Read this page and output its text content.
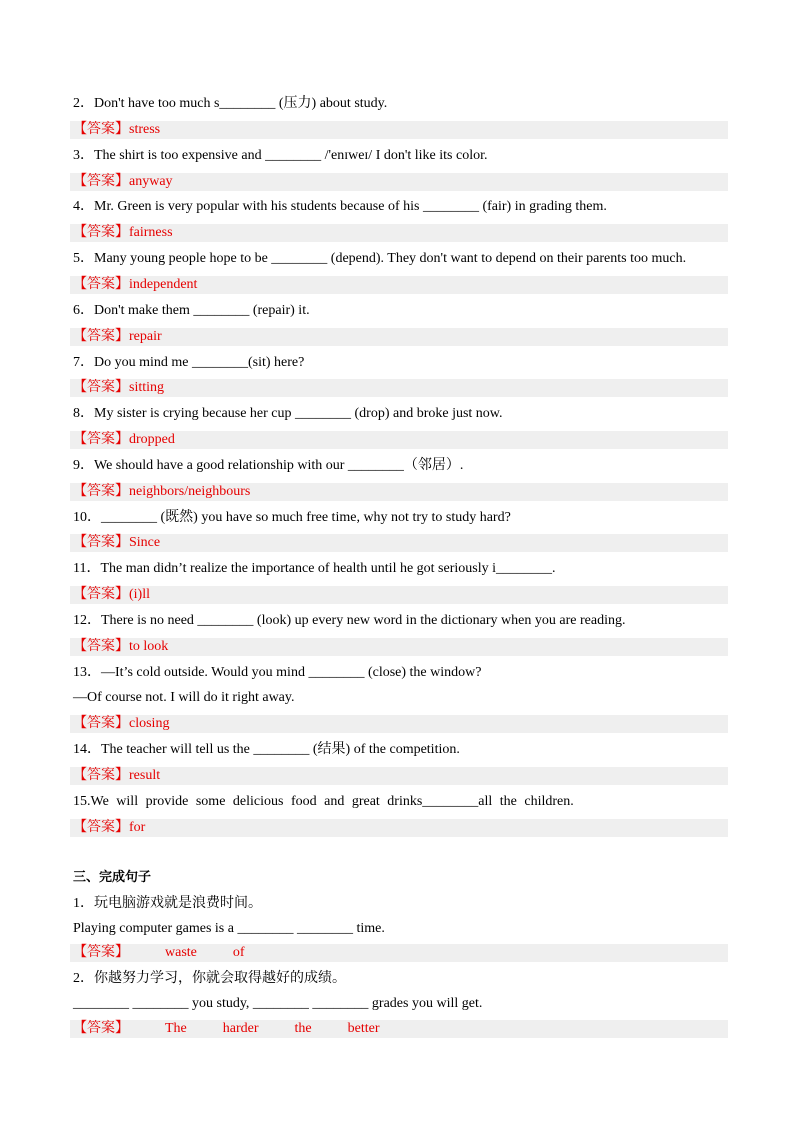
2．Don't have too much s________ (压力) about study.
【答案】stress
3．The shirt is too expensive and ________ /'enɪweɪ/ I don't like its color.
【答案】anyway
4．Mr. Green is very popular with his students because of his ________ (fair) in grading them.
【答案】fairness
5．Many young people hope to be ________ (depend). They don't want to depend on their parents too much.
【答案】independent
6．Don't make them ________ (repair) it.
【答案】repair
7．Do you mind me ________(sit) here?
【答案】sitting
8．My sister is crying because her cup ________ (drop) and broke just now.
【答案】dropped
9．We should have a good relationship with our ________（邻居）.
【答案】neighbors/neighbours
10．________ (既然) you have so much free time, why not try to study hard?
【答案】Since
11．The man didn’t realize the importance of health until he got seriously i________.
【答案】(i)ll
12．There is no need ________ (look) up every new word in the dictionary when you are reading.
【答案】to look
13．—It’s cold outside. Would you mind ________ (close) the window?
—Of course not. I will do it right away.
【答案】closing
14．The teacher will tell us the ________ (结果) of the competition.
【答案】result
15.We will provide some delicious food and great drinks________all the children.
【答案】for
三、完成句子
1．玩电脑游戏就是浪费时间。
Playing computer games is a ________ ________ time.
【答案】	waste	of
2．你越努力学习，你就会取得越好的成绩。
________ ________ you study, ________ ________ grades you will get.
【答案】	The	harder	the	better
